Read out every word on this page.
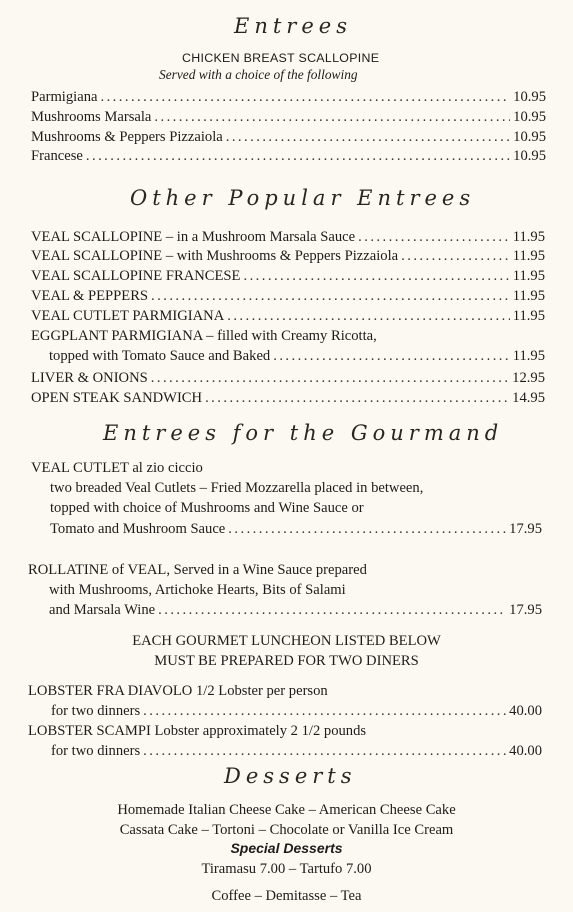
Entrees
CHICKEN BREAST SCALLOPINE
Served with a choice of the following
Parmigiana . . .	10.95
Mushrooms Marsala . . .	10.95
Mushrooms & Peppers Pizzaiola . . .	10.95
Francese . . .	10.95
Other Popular Entrees
VEAL SCALLOPINE – in a Mushroom Marsala Sauce . . .	11.95
VEAL SCALLOPINE – with Mushrooms & Peppers Pizzaiola . . .	11.95
VEAL SCALLOPINE FRANCESE . . .	11.95
VEAL & PEPPERS . . .	11.95
VEAL CUTLET PARMIGIANA . . .	11.95
EGGPLANT PARMIGIANA – filled with Creamy Ricotta,
topped with Tomato Sauce and Baked . . .	11.95
LIVER & ONIONS . . .	12.95
OPEN STEAK SANDWICH . . .	14.95
Entrees for the Gourmand
VEAL CUTLET al zio ciccio
two breaded Veal Cutlets – Fried Mozzarella placed in between,
topped with choice of Mushrooms and Wine Sauce or
Tomato and Mushroom Sauce . . .	17.95
ROLLATINE of VEAL, Served in a Wine Sauce prepared
with Mushrooms, Artichoke Hearts, Bits of Salami
and Marsala Wine . . .	17.95
EACH GOURMET LUNCHEON LISTED BELOW
MUST BE PREPARED FOR TWO DINERS
LOBSTER FRA DIAVOLO 1/2 Lobster per person
for two dinners . . .	40.00
LOBSTER SCAMPI Lobster approximately 2 1/2 pounds
for two dinners . . .	40.00
Desserts
Homemade Italian Cheese Cake – American Cheese Cake
Cassata Cake – Tortoni – Chocolate or Vanilla Ice Cream
Special Desserts
Tiramasu 7.00 – Tartufo 7.00
Coffee – Demitasse – Tea
